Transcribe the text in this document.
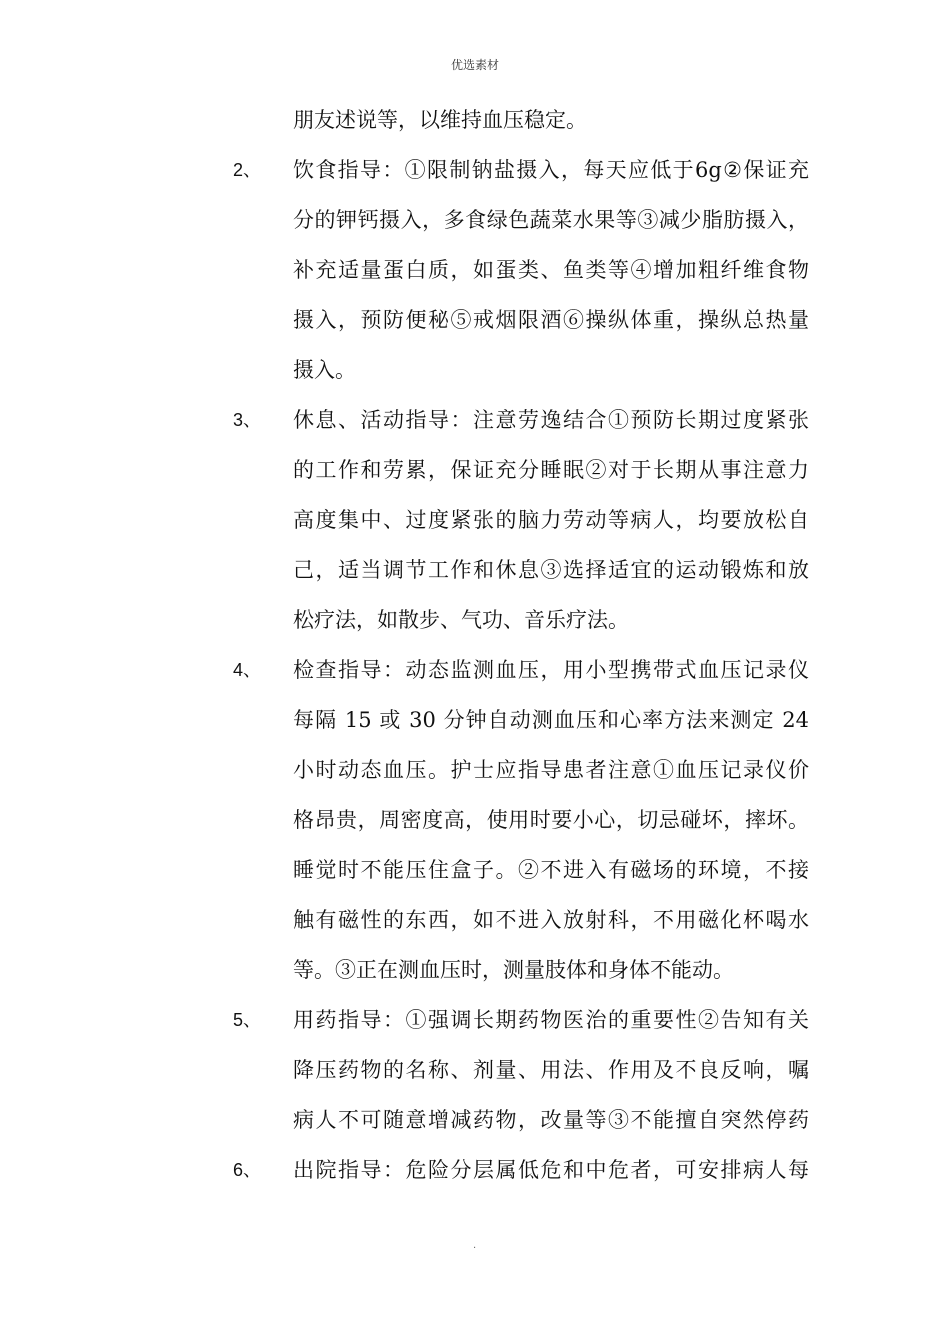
优选素材
朋友述说等，以维持血压稳定。
2、 饮食指导：①限制钠盐摄入，每天应低于6g②保证充
分的钾钙摄入，多食绿色蔬菜水果等③减少脂肪摄入，
补充适量蛋白质，如蛋类、鱼类等④增加粗纤维食物
摄入，预防便秘⑤戒烟限酒⑥操纵体重，操纵总热量
摄入。
3、 休息、活动指导：注意劳逸结合①预防长期过度紧张
的工作和劳累，保证充分睡眠②对于长期从事注意力
高度集中、过度紧张的脑力劳动等病人，均要放松自
己，适当调节工作和休息③选择适宜的运动锻炼和放
松疗法，如散步、气功、音乐疗法。
4、 检查指导：动态监测血压，用小型携带式血压记录仪
每隔 15 或 30 分钟自动测血压和心率方法来测定 24
小时动态血压。护士应指导患者注意①血压记录仪价
格昂贵，周密度高，使用时要小心，切忌碰坏，摔坏。
睡觉时不能压住盒子。②不进入有磁场的环境，不接
触有磁性的东西，如不进入放射科，不用磁化杯喝水
等。③正在测血压时，测量肢体和身体不能动。
5、 用药指导：①强调长期药物医治的重要性②告知有关
降压药物的名称、剂量、用法、作用及不良反响，嘱
病人不可随意增减药物，改量等③不能擅自突然停药
6、 出院指导：危险分层属低危和中危者，可安排病人每
.
